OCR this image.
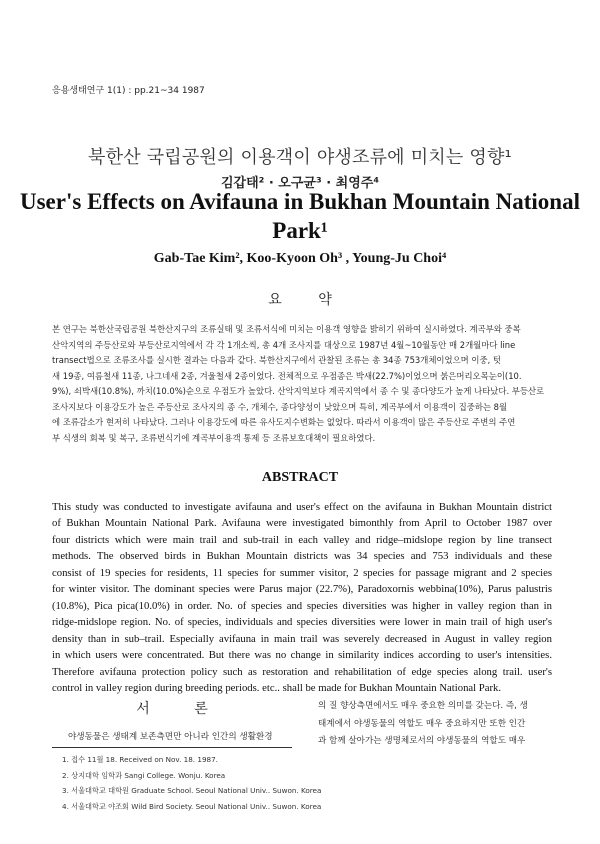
응용생태연구 1(1) : pp.21~34 1987
북한산 국립공원의 이용객이 야생조류에 미치는 영향¹
김갑태² · 오구균³ · 최영주⁴
User's Effects on Avifauna in Bukhan Mountain National
Park¹
Gab-Tae Kim², Koo-Kyoon Oh³ , Young-Ju Choi⁴
요 약
본 연구는 북한산국립공원 북한산지구의 조류실태 및 조류서식에 미치는 이용객 영향을 밝히기 위하여 실시하였다. 계곡부와 중복
산악지역의 주등산로와 부등산로지역에서 각 각 1개소씩, 총 4개 조사지를 대상으로 1987년 4월~10월동안 매 2개월마다 line
transect법으로 조류조사를 실시한 결과는 다음과 같다. 북한산지구에서 관찰된 조류는 총 34종 753개체이었으며 이중, 텃
새 19종, 여름철새 11종, 나그네새 2종, 겨울철새 2종이었다. 전체적으로 우점종은 박새(22.7%)이었으며 붉은머리오목눈이(10.
9%), 쇠박새(10.8%), 까치(10.0%)순으로 우점도가 높았다. 산악지역보다 계곡지역에서 종 수 및 종다양도가 높게 나타났다. 부등산로
조사지보다 이용강도가 높은 주등산로 조사지의 종 수, 개체수, 종다양성이 낮았으며 특히, 계곡부에서 이용객이 집중하는 8월
에 조류감소가 현저히 나타났다. 그러나 이용강도에 따른 유사도지수변화는 없었다. 따라서 이용객이 많은 주등산로 주변의 주연
부 식생의 회복 및 복구, 조류번식기에 계곡부이용객 통제 등 조류보호대책이 필요하였다.
ABSTRACT
This study was conducted to investigate avifauna and user's effect on the avifauna in Bukhan Mountain district
of Bukhan Mountain National Park. Avifauna were investigated bimonthly from April to October 1987 over
four districts which were main trail and sub-trail in each valley and ridge–midslope region by line transect
methods. The observed birds in Bukhan Mountain districts was 34 species and 753 individuals and these
consist of 19 species for residents, 11 species for summer visitor, 2 species for passage migrant and 2 species
for winter visitor. The dominant species were Parus major (22.7%), Paradoxornis webbina(10%), Parus palustris
(10.8%), Pica pica(10.0%) in order. No. of species and species diversities was higher in valley region than in
ridge-midslope region. No. of species, individuals and species diversities were lower in main trail of high user's
density than in sub–trail. Especially avifauna in main trail was severely decreased in August in valley region
in which users were concentrated. But there was no change in similarity indices according to user's intensities.
Therefore avifauna protection policy such as restoration and rehabilitation of edge species along trail. user's
control in valley region during breeding periods. etc.. shall be made for Bukhan Mountain National Park.
서 론
야생동물은 생태계 보존측면만 아니라 인간의 생활환경
의 질 향상측면에서도 매우 중요한 의미를 갖는다. 즉, 생
태계에서 야생동물의 역할도 매우 중요하지만 또한 인간
과 함께 살아가는 생명체로서의 야생동물의 역할도 매우
1. 접수 11월 18. Received on Nov. 18. 1987.
2. 상지대학 임학과 Sangi College. Wonju. Korea
3. 서울대학교 대학원 Graduate School. Seoul National Univ.. Suwon. Korea
4. 서울대학교 야조회 Wild Bird Society. Seoul National Univ.. Suwon. Korea
